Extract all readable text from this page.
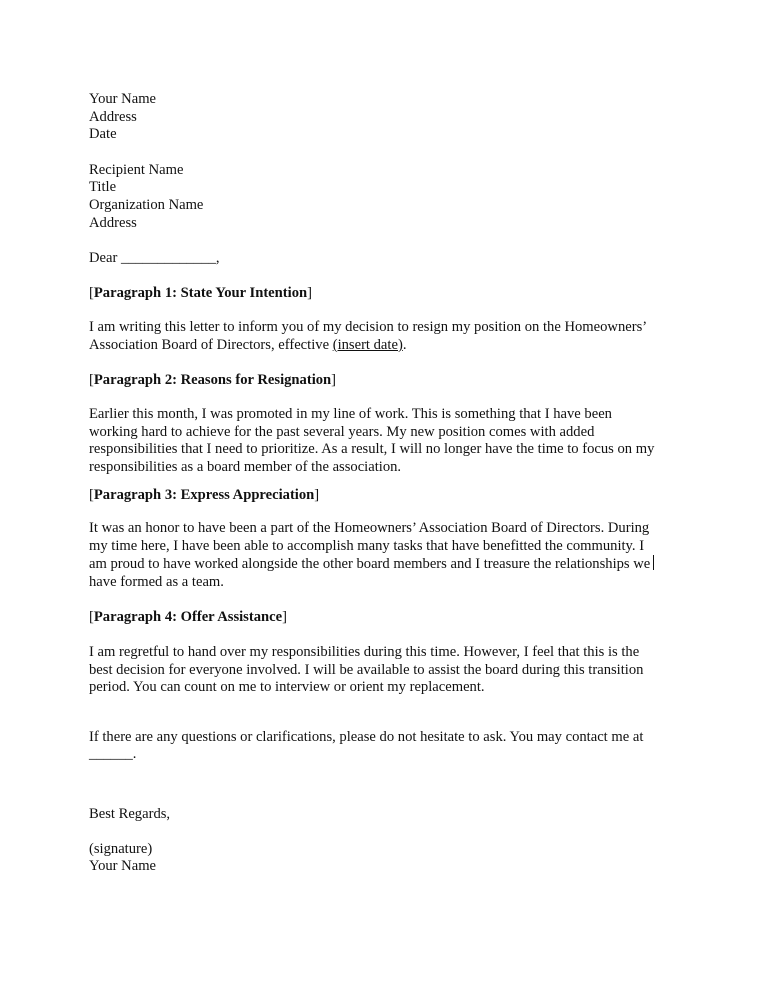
Your Name
Address
Date
Recipient Name
Title
Organization Name
Address
Dear _____________,
[Paragraph 1: State Your Intention]
I am writing this letter to inform you of my decision to resign my position on the Homeowners’
Association Board of Directors, effective (insert date).
[Paragraph 2: Reasons for Resignation]
Earlier this month, I was promoted in my line of work. This is something that I have been
working hard to achieve for the past several years. My new position comes with added
responsibilities that I need to prioritize. As a result, I will no longer have the time to focus on my
responsibilities as a board member of the association.
[Paragraph 3: Express Appreciation]
It was an honor to have been a part of the Homeowners’ Association Board of Directors. During
my time here, I have been able to accomplish many tasks that have benefitted the community. I
am proud to have worked alongside the other board members and I treasure the relationships we
have formed as a team.
[Paragraph 4: Offer Assistance]
I am regretful to hand over my responsibilities during this time. However, I feel that this is the
best decision for everyone involved. I will be available to assist the board during this transition
period. You can count on me to interview or orient my replacement.
If there are any questions or clarifications, please do not hesitate to ask. You may contact me at
______.
Best Regards,
(signature)
Your Name
